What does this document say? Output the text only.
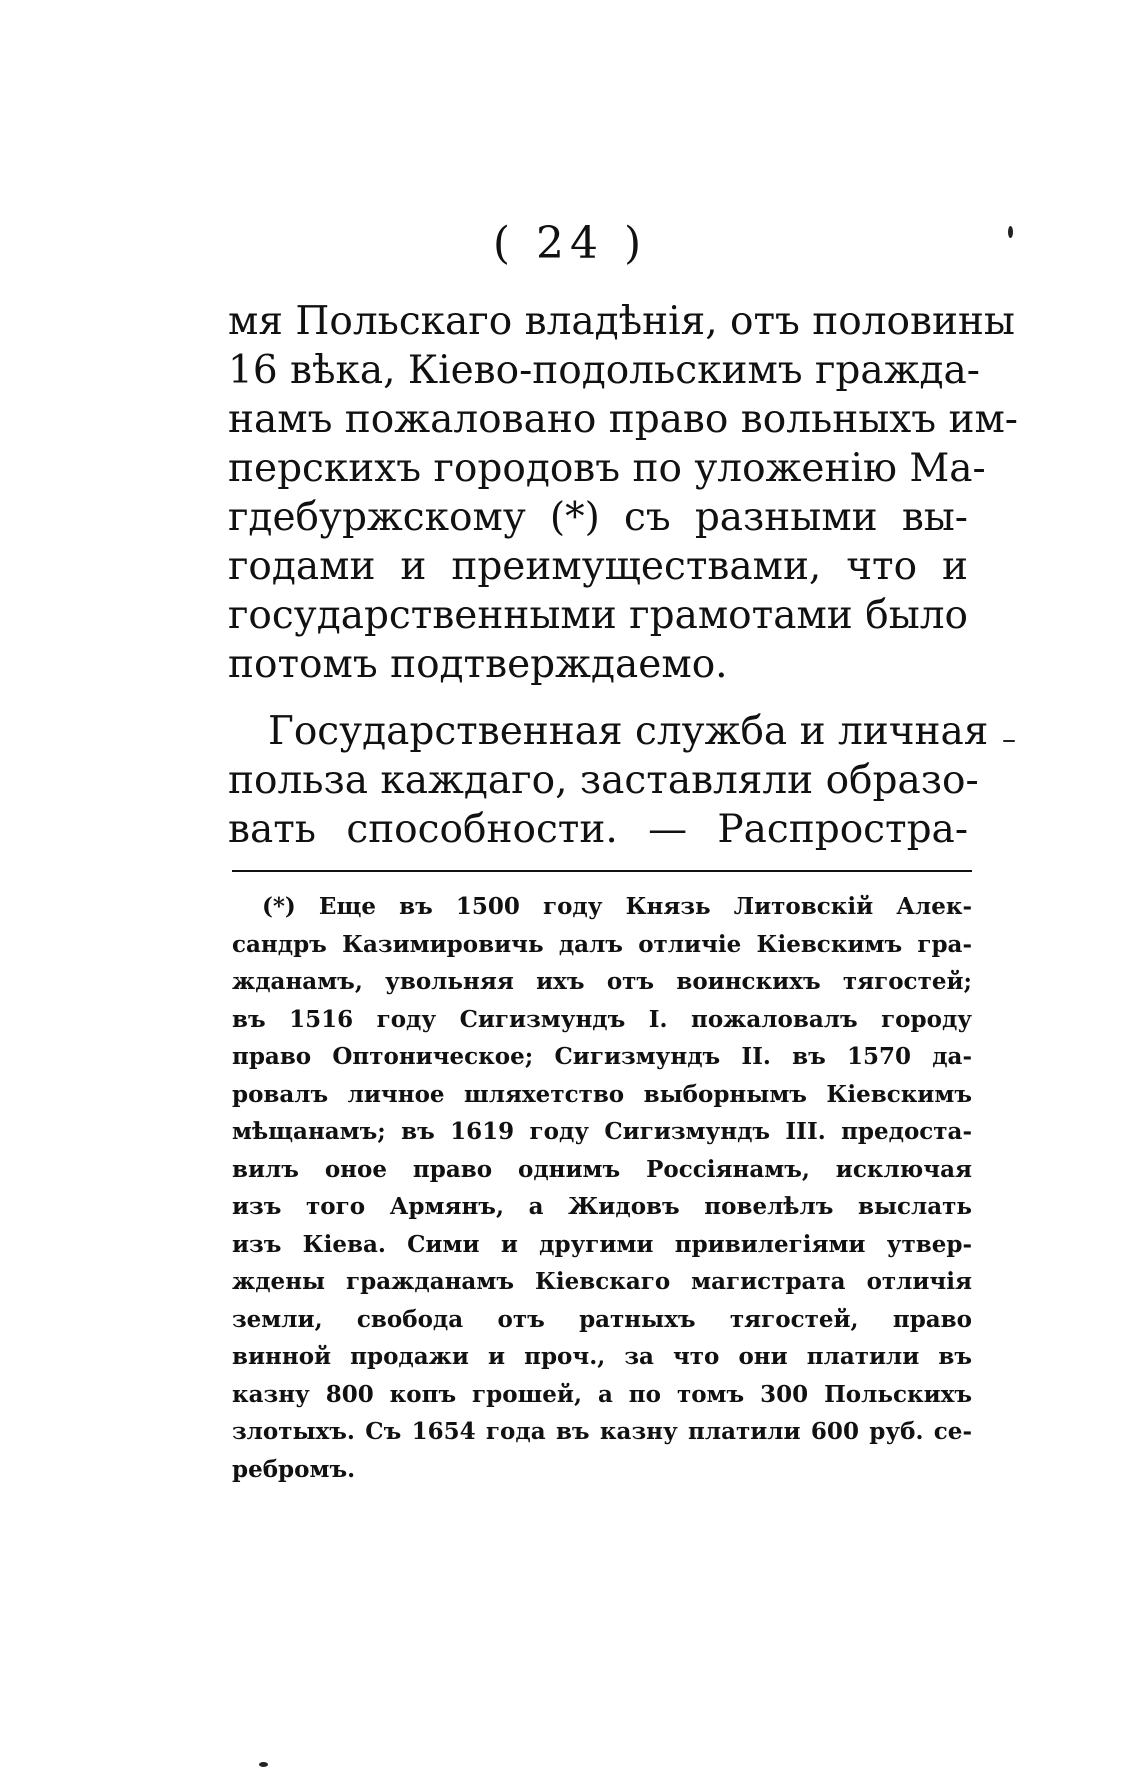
( 24 )
мя Польскаго владѣнія, отъ половины
16 вѣка, Кіево-подольскимъ гражда-
намъ пожаловано право вольныхъ им-
перскихъ городовъ по уложенію Ма-
гдебуржскому (*) съ разными вы-
годами и преимуществами, что и
государственными грамотами было
потомъ подтверждаемо.
Государственная служба и личная
польза каждаго, заставляли образо-
вать способности. — Распростра-
(*) Еще въ 1500 году Князь Литовскій Алек-
сандръ Казимировичь далъ отличіе Кіевскимъ гра-
жданамъ, увольняя ихъ отъ воинскихъ тягостей;
въ 1516 году Сигизмундъ I. пожаловалъ городу
право Оптоническое; Сигизмундъ II. въ 1570 да-
ровалъ личное шляхетство выборнымъ Кіевскимъ
мѣщанамъ; въ 1619 году Сигизмундъ III. предоста-
вилъ оное право однимъ Россіянамъ, исключая
изъ того Армянъ, а Жидовъ повелѣлъ выслать
изъ Кіева. Сими и другими привилегіями утвер-
ждены гражданамъ Кіевскаго магистрата отличія
земли, свобода отъ ратныхъ тягостей, право
винной продажи и проч., за что они платили въ
казну 800 копъ грошей, а по томъ 300 Польскихъ
злотыхъ. Съ 1654 года въ казну платили 600 руб. се-
ребромъ.
